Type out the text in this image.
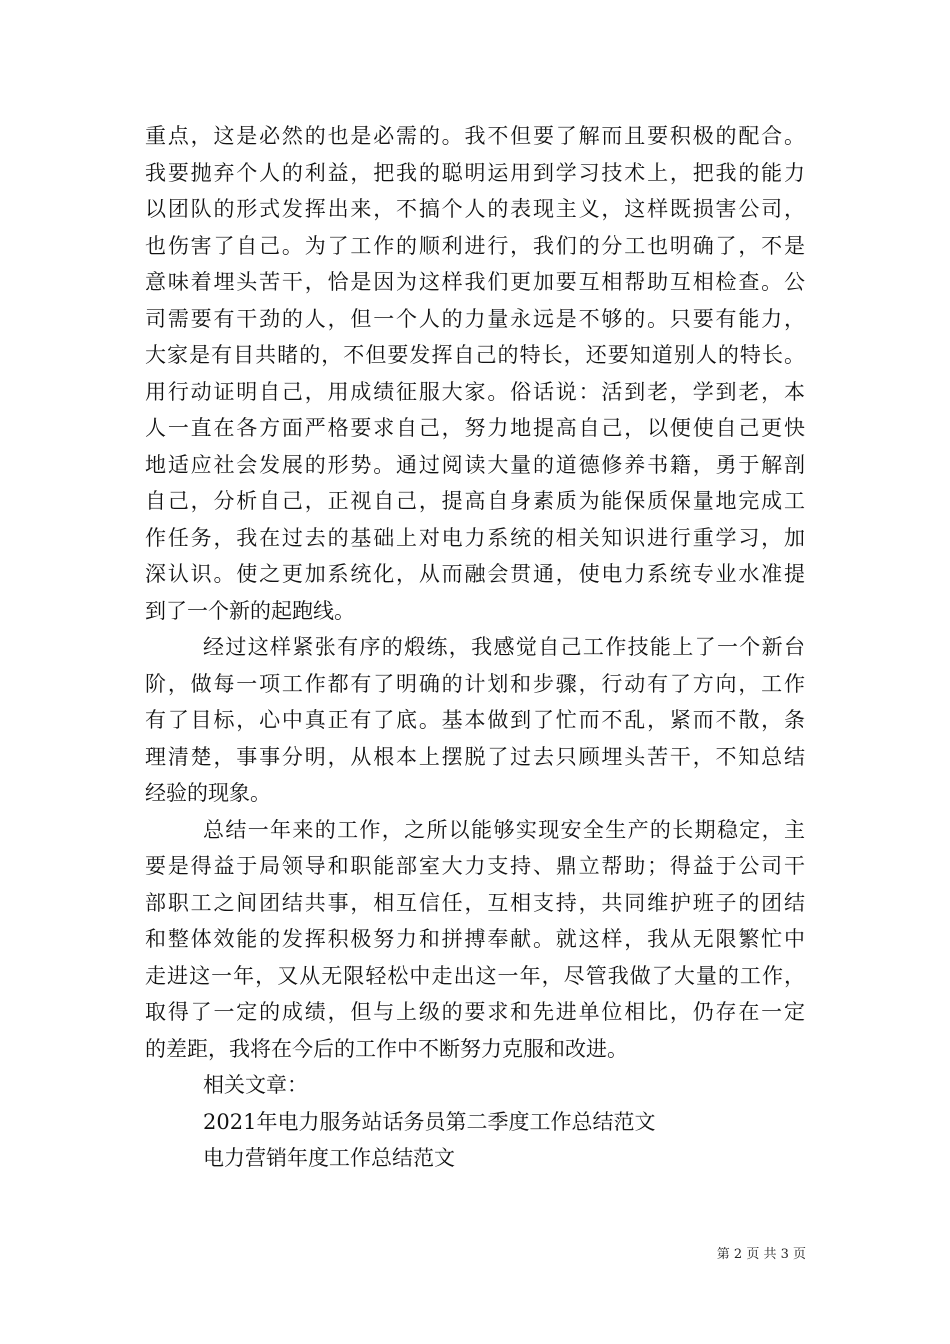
重点，这是必然的也是必需的。我不但要了解而且要积极的配合。
我要抛弃个人的利益，把我的聪明运用到学习技术上，把我的能力
以团队的形式发挥出来，不搞个人的表现主义，这样既损害公司，
也伤害了自己。为了工作的顺利进行，我们的分工也明确了，不是
意味着埋头苦干，恰是因为这样我们更加要互相帮助互相检查。公
司需要有干劲的人，但一个人的力量永远是不够的。只要有能力，
大家是有目共睹的，不但要发挥自己的特长，还要知道别人的特长。
用行动证明自己，用成绩征服大家。俗话说：活到老，学到老，本
人一直在各方面严格要求自己，努力地提高自己，以便使自己更快
地适应社会发展的形势。通过阅读大量的道德修养书籍，勇于解剖
自己，分析自己，正视自己，提高自身素质为能保质保量地完成工
作任务，我在过去的基础上对电力系统的相关知识进行重学习，加
深认识。使之更加系统化，从而融会贯通，使电力系统专业水准提
到了一个新的起跑线。
经过这样紧张有序的煅练，我感觉自己工作技能上了一个新台
阶，做每一项工作都有了明确的计划和步骤，行动有了方向，工作
有了目标，心中真正有了底。基本做到了忙而不乱，紧而不散，条
理清楚，事事分明，从根本上摆脱了过去只顾埋头苦干，不知总结
经验的现象。
总结一年来的工作，之所以能够实现安全生产的长期稳定，主
要是得益于局领导和职能部室大力支持、鼎立帮助；得益于公司干
部职工之间团结共事，相互信任，互相支持，共同维护班子的团结
和整体效能的发挥积极努力和拼搏奉献。就这样，我从无限繁忙中
走进这一年，又从无限轻松中走出这一年，尽管我做了大量的工作，
取得了一定的成绩，但与上级的要求和先进单位相比，仍存在一定
的差距，我将在今后的工作中不断努力克服和改进。
相关文章：
2021年电力服务站话务员第二季度工作总结范文
电力营销年度工作总结范文
第 2 页 共 3 页
